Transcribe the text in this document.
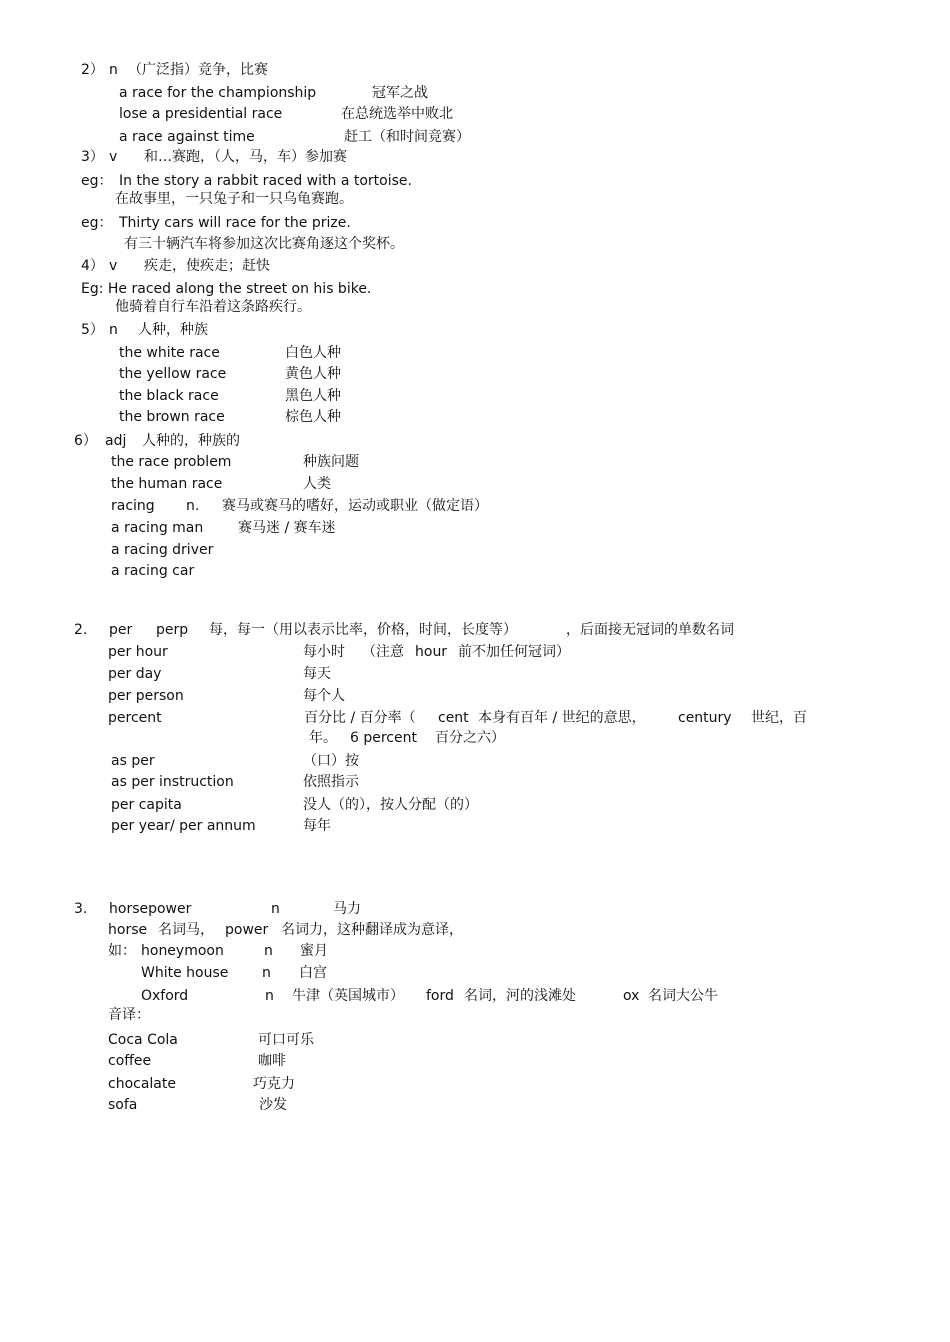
2） n （广泛指）竞争，比赛
a race for the championship	冠军之战
lose a presidential race	在总统选举中败北
a race against time	赶工（和时间竞赛）
3） v 和…赛跑，（人，马，车）参加赛
eg： In the story a rabbit raced with a tortoise.
在故事里，一只兔子和一只乌龟赛跑。
eg： Thirty cars will race for the prize.
有三十辆汽车将参加这次比赛角逐这个奖杯。
4） v 疾走，使疾走；赶快
Eg: He raced along the street on his bike.
他骑着自行车沿着这条路疾行。
5） n 人种，种族
the white race	白色人种
the yellow race	黄色人种
the black race	黑色人种
the brown race	棕色人种
6） adj 人种的，种族的
the race problem	种族问题
the human race	人类
racing n. 赛马或赛马的嗜好，运动或职业（做定语）
a racing man 赛马迷 / 赛车迷
a racing driver
a racing car
2. per perp 每，每一（用以表示比率，价格，时间，长度等）	，后面接无冠词的单数名词
per hour	每小时 （注意 hour 前不加任何冠词）
per day	每天
per person	每个人
percent	百分比 / 百分率（ cent 本身有百年 / 世纪的意思， century 世纪，百
年。 6 percent 百分之六）
as per	（口）按
as per instruction	依照指示
per capita	没人（的），按人分配（的）
per year/ per annum	每年
3. horsepower	n	马力
horse 名词马， power 名词力，这种翻译成为意译，
如： honeymoon	n 蜜月
White house n 白宫
Oxford	n 牛津（英国城市） ford 名词，河的浅滩处	ox 名词大公牛
音译：
Coca Cola	可口可乐
coffee	咖啡
chocalate	巧克力
sofa	沙发
